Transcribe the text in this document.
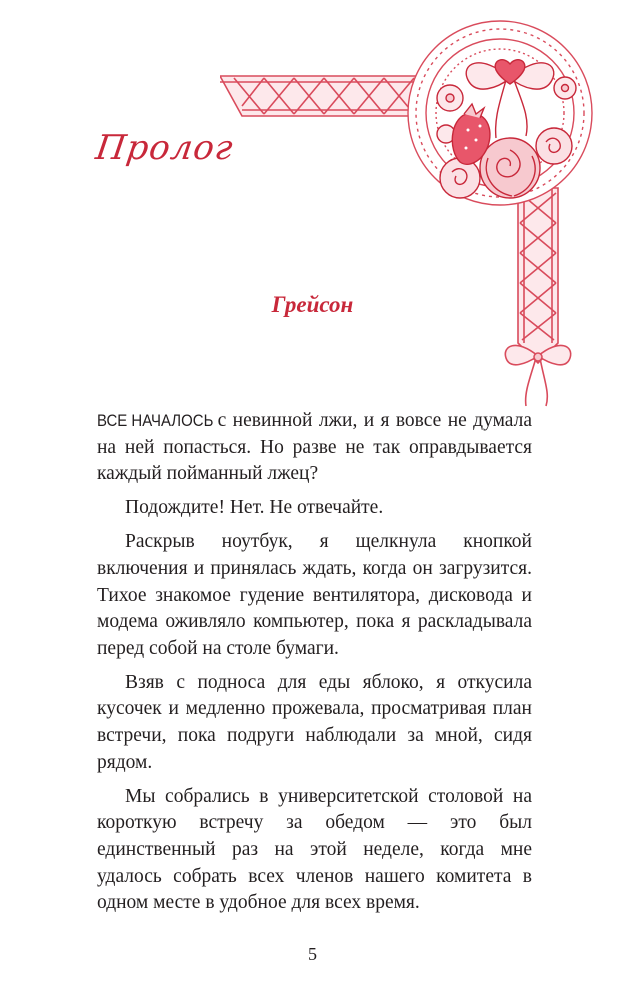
Пролог
Грейсон

ВСЕ НАЧАЛОСЬ с невинной лжи, и я вовсе не думала на ней попасться. Но разве не так оправдывается каждый пойманный лжец?

Подождите! Нет. Не отвечайте.

Раскрыв ноутбук, я щелкнула кнопкой включения и принялась ждать, когда он загрузится. Тихое знакомое гудение вентилятора, дисковода и модема оживляло компьютер, пока я раскладывала перед собой на столе бумаги.

Взяв с подноса для еды яблоко, я откусила кусочек и медленно прожевала, просматривая план встречи, пока подруги наблюдали за мной, сидя рядом.

Мы собрались в университетской столовой на короткую встречу за обедом — это был единственный раз на этой неделе, когда мне удалось собрать всех членов нашего комитета в одном месте в удобное для всех время.

5
